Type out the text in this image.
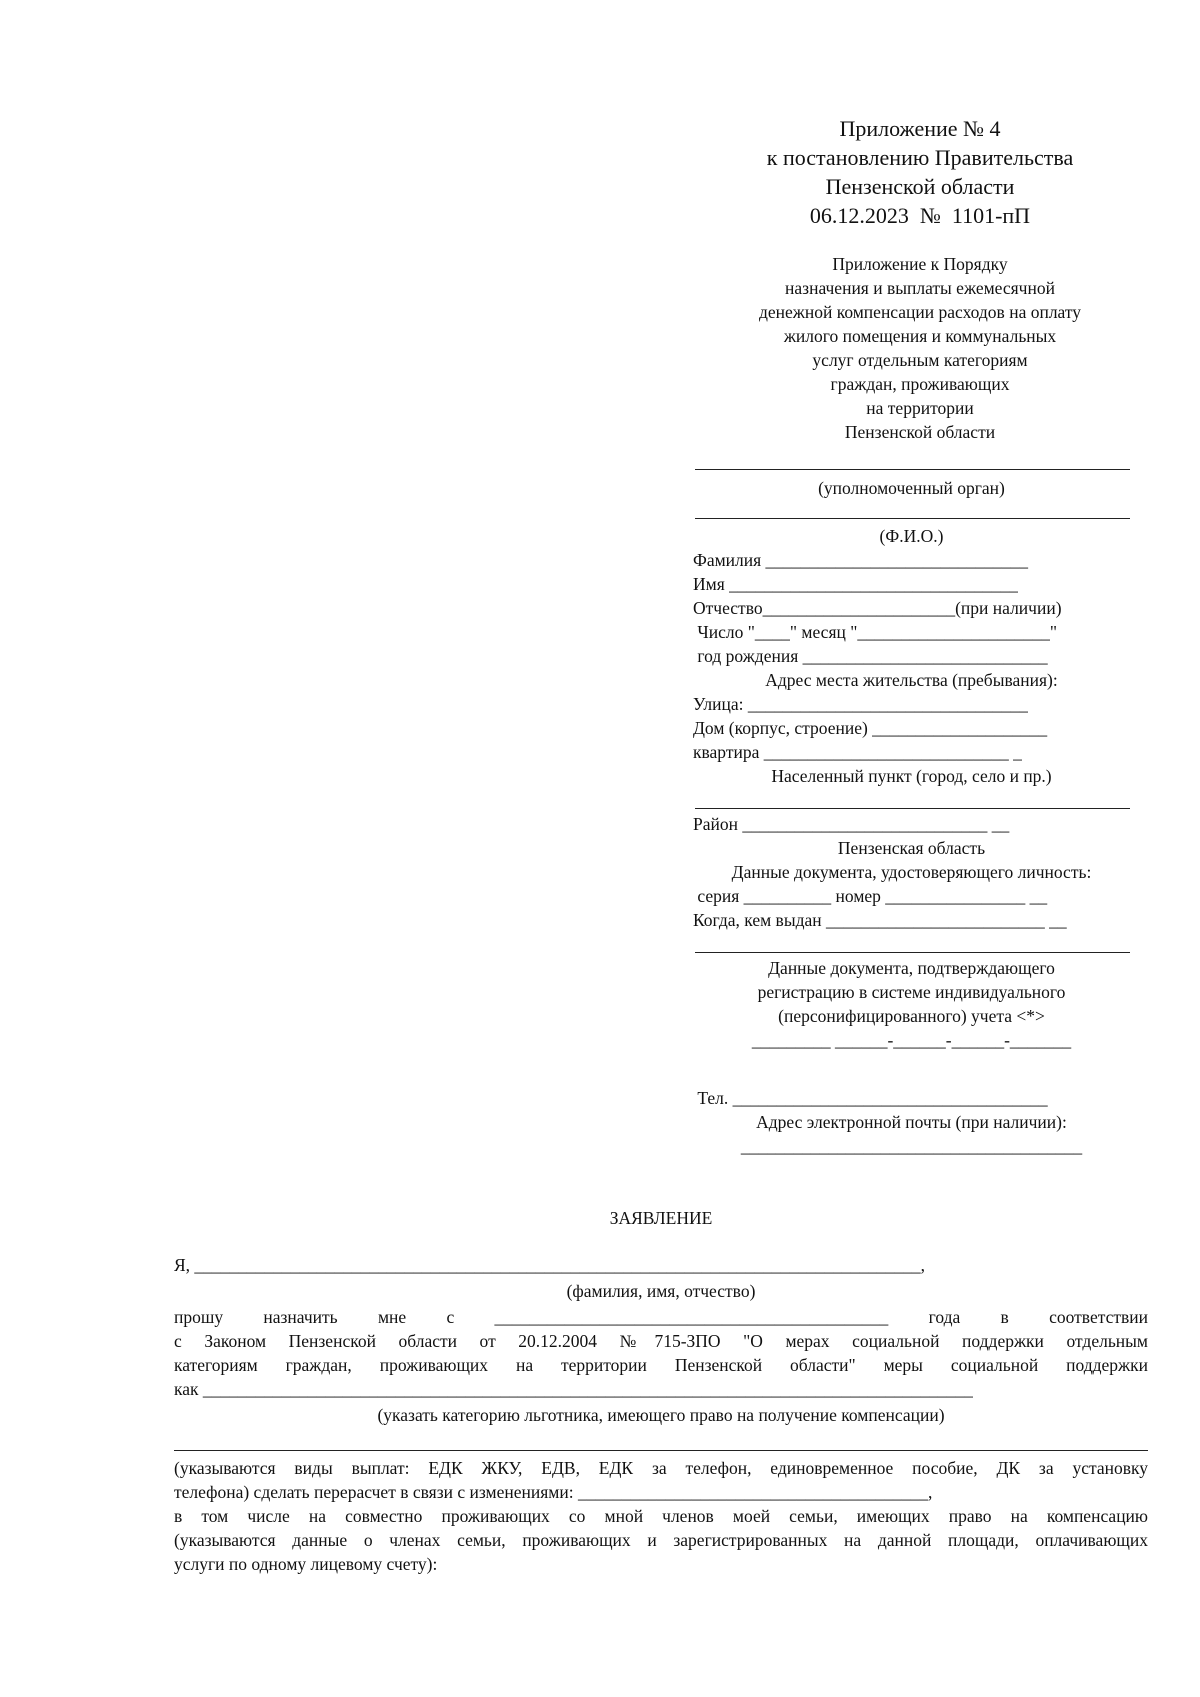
Приложение № 4
к постановлению Правительства
Пензенской области
06.12.2023  №  1101-пП
Приложение к Порядку
назначения и выплаты ежемесячной
денежной компенсации расходов на оплату
жилого помещения и коммунальных
услуг отдельным категориям
граждан, проживающих
на территории
Пензенской области
(уполномоченный орган)
(Ф.И.О.)
Фамилия ______________________________
Имя _________________________________
Отчество______________________(при наличии)
Число "____" месяц "______________________"
год рождения ____________________________
Адрес места жительства (пребывания):
Улица: ________________________________
Дом (корпус, строение) ____________________
квартира ____________________________ _
Населенный пункт (город, село и пр.)
Район ____________________________ __
Пензенская область
Данные документа, удостоверяющего личность:
серия __________ номер ________________ __
Когда, кем выдан _________________________ __
Данные документа, подтверждающего
регистрацию в системе индивидуального
(персонифицированного) учета <*>
_________ ______-______-______-_______
Тел. ____________________________________
Адрес электронной почты (при наличии):
_______________________________________
ЗАЯВЛЕНИЕ
Я, ___________________________________________________________________________________,
(фамилия, имя, отчество)
прошу назначить мне с _____________________________________________ года в соответствии
с Законом Пензенской области от 20.12.2004 №715-ЗПО "О мерах социальной поддержки отдельным
категориям граждан, проживающих на территории Пензенской области" меры социальной поддержки
как ________________________________________________________________________________________
(указать категорию льготника, имеющего право на получение компенсации)
(указываются виды выплат: ЕДК ЖКУ, ЕДВ, ЕДК за телефон, единовременное пособие, ДК за установку
телефона) сделать перерасчет в связи с изменениями: ________________________________________,
в том числе на совместно проживающих со мной членов моей семьи, имеющих право на компенсацию
(указываются данные о членах семьи, проживающих и зарегистрированных на данной площади, оплачивающих
услуги по одному лицевому счету):
